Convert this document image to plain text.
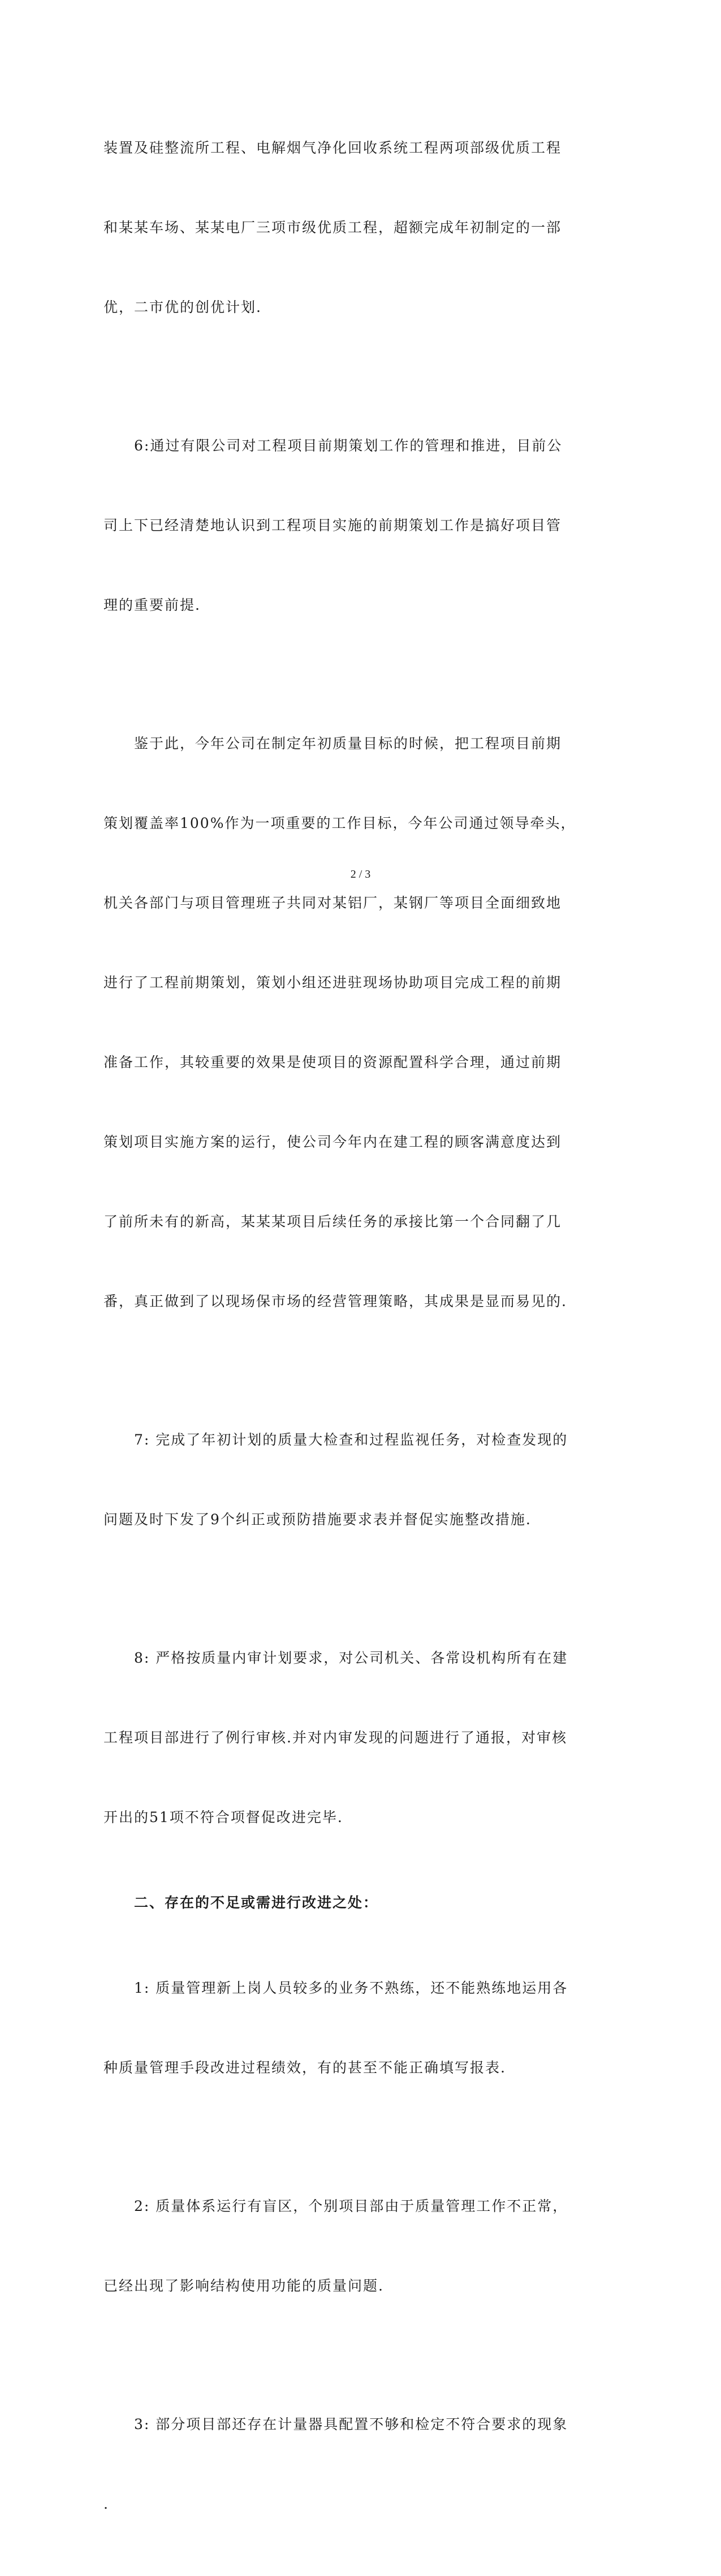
装置及硅整流所工程、电解烟气净化回收系统工程两项部级优质工程

和某某车场、某某电厂三项市级优质工程，超额完成年初制定的一部

优，二市优的创优计划.

6:通过有限公司对工程项目前期策划工作的管理和推进，目前公

司上下已经清楚地认识到工程项目实施的前期策划工作是搞好项目管

理的重要前提.

鉴于此，今年公司在制定年初质量目标的时候，把工程项目前期

策划覆盖率100%作为一项重要的工作目标，今年公司通过领导牵头，

机关各部门与项目管理班子共同对某铝厂，某钢厂等项目全面细致地

进行了工程前期策划，策划小组还进驻现场协助项目完成工程的前期

准备工作，其较重要的效果是使项目的资源配置科学合理，通过前期

策划项目实施方案的运行，使公司今年内在建工程的顾客满意度达到

了前所未有的新高，某某某项目后续任务的承接比第一个合同翻了几

番，真正做到了以现场保市场的经营管理策略，其成果是显而易见的.

7: 完成了年初计划的质量大检查和过程监视任务，对检查发现的

问题及时下发了9个纠正或预防措施要求表并督促实施整改措施.

8: 严格按质量内审计划要求，对公司机关、各常设机构所有在建

工程项目部进行了例行审核.并对内审发现的问题进行了通报，对审核

开出的51项不符合项督促改进完毕.

二、存在的不足或需进行改进之处：

1: 质量管理新上岗人员较多的业务不熟练，还不能熟练地运用各

种质量管理手段改进过程绩效，有的甚至不能正确填写报表.

2: 质量体系运行有盲区，个别项目部由于质量管理工作不正常，

已经出现了影响结构使用功能的质量问题.

3: 部分项目部还存在计量器具配置不够和检定不符合要求的现象

.

2 / 3
